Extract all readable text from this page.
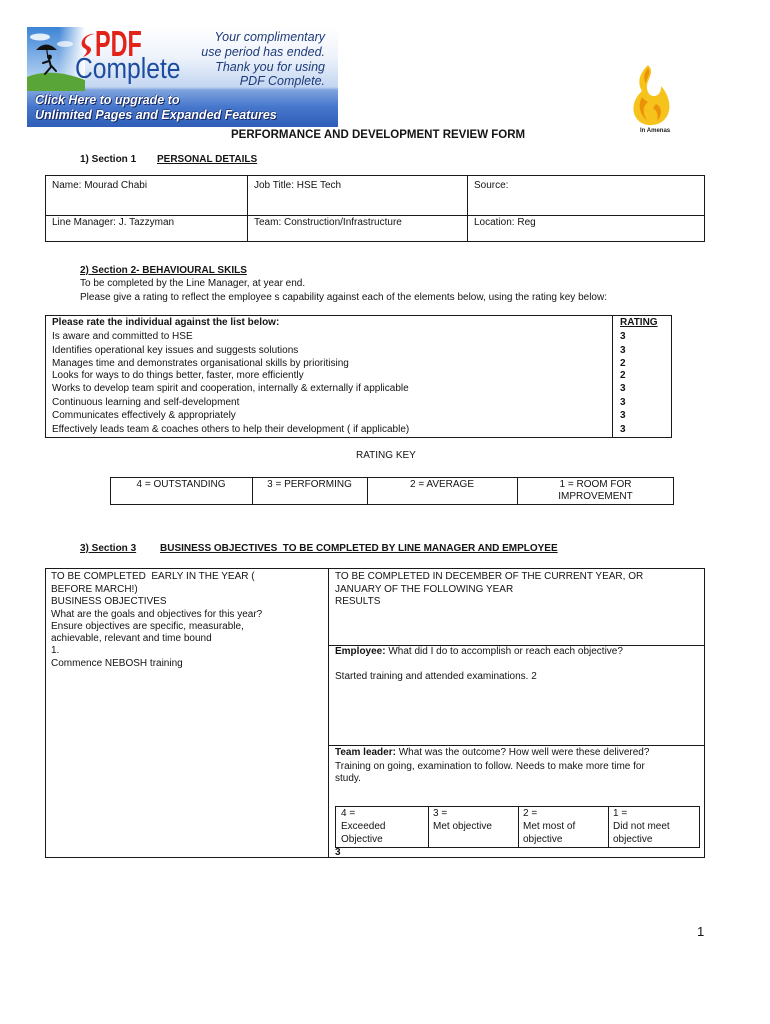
PDF
Complete
Your complimentary
use period has ended.
Thank you for using
PDF Complete.
Click Here to upgrade to
Unlimited Pages and Expanded Features
In Amenas
PERFORMANCE AND DEVELOPMENT REVIEW FORM
1) Section 1 PERSONAL DETAILS
Name: Mourad Chabi	Job Title: HSE Tech	Source:
Line Manager: J. Tazzyman	Team: Construction/Infrastructure	Location: Reg
2) Section 2- BEHAVIOURAL SKILS
To be completed by the Line Manager, at year end.
Please give a rating to reflect the employee s capability against each of the elements below, using the rating key below:
Please rate the individual against the list below:	RATING
Is aware and committed to HSE	3
Identifies operational key issues and suggests solutions	3
Manages time and demonstrates organisational skills by prioritising	2
Looks for ways to do things better, faster, more efficiently	2
Works to develop team spirit and cooperation, internally & externally if applicable	3
Continuous learning and self-development	3
Communicates effectively & appropriately	3
Effectively leads team & coaches others to help their development ( if applicable)	3
RATING KEY
4 = OUTSTANDING	3 = PERFORMING	2 = AVERAGE	1 = ROOM FOR
IMPROVEMENT
3) Section 3 BUSINESS OBJECTIVES  TO BE COMPLETED BY LINE MANAGER AND EMPLOYEE
TO BE COMPLETED  EARLY IN THE YEAR (
BEFORE MARCH!)
BUSINESS OBJECTIVES
What are the goals and objectives for this year?
Ensure objectives are specific, measurable,
achievable, relevant and time bound
1.
Commence NEBOSH training
TO BE COMPLETED IN DECEMBER OF THE CURRENT YEAR, OR
JANUARY OF THE FOLLOWING YEAR
RESULTS
Employee: What did I do to accomplish or reach each objective?
Started training and attended examinations. 2
Team leader: What was the outcome? How well were these delivered?
Training on going, examination to follow. Needs to make more time for
study.
4 =
Exceeded
Objective
3 =
Met objective
2 =
Met most of
objective
1 =
Did not meet
objective
3
1
